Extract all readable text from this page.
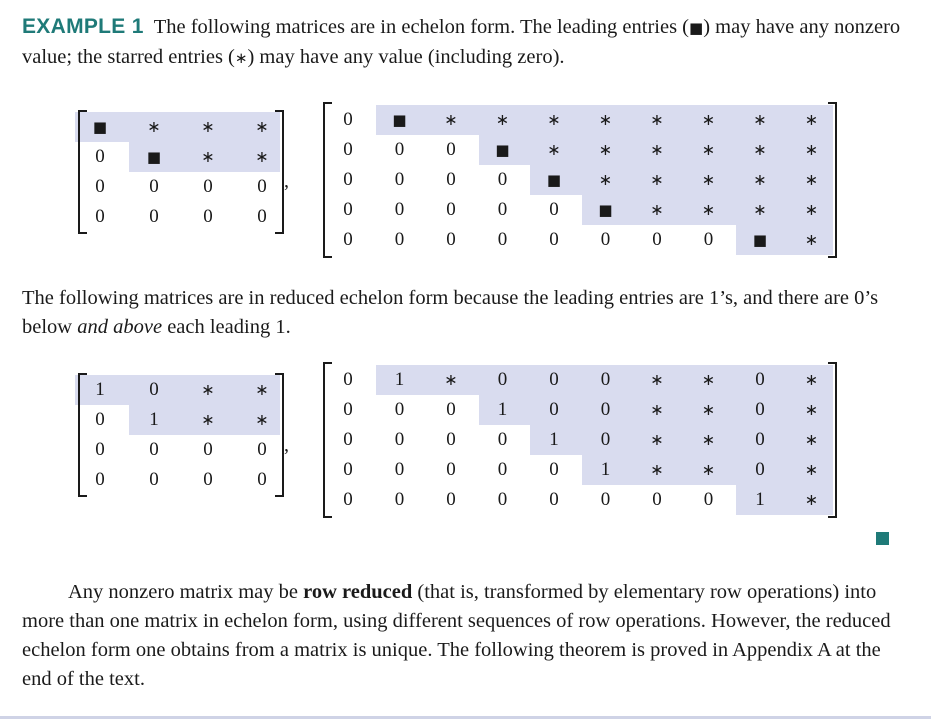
EXAMPLE 1 The following matrices are in echelon form. The leading entries (■) may have any nonzero value; the starred entries (∗) may have any value (including zero).

■	∗	∗	∗
0	■	∗	∗
0 0 0 0
0 0 0 0
,
0	■ ∗ ∗ ∗ ∗ ∗ ∗ ∗ ∗
0 0 0	■ ∗ ∗ ∗ ∗ ∗ ∗
0 0 0 0	■ ∗ ∗ ∗ ∗ ∗
0 0 0 0 0	■ ∗ ∗ ∗ ∗
0 0 0 0 0 0 0 0	■ ∗

The following matrices are in reduced echelon form because the leading entries are 1’s, and there are 0’s below and above each leading 1.

1 0	∗	∗
0 1	∗	∗
0 0 0 0
0 0 0 0
,
0 1	∗ 0 0 0	∗ ∗ 0	∗
0 0 0 1 0 0	∗ ∗ 0	∗
0 0 0 0 1 0	∗ ∗ 0	∗
0 0 0 0 0 1	∗ ∗ 0	∗
0 0 0 0 0 0 0 0 1	∗

Any nonzero matrix may be row reduced (that is, transformed by elementary row operations) into more than one matrix in echelon form, using different sequences of row operations. However, the reduced echelon form one obtains from a matrix is unique. The following theorem is proved in Appendix A at the end of the text.
